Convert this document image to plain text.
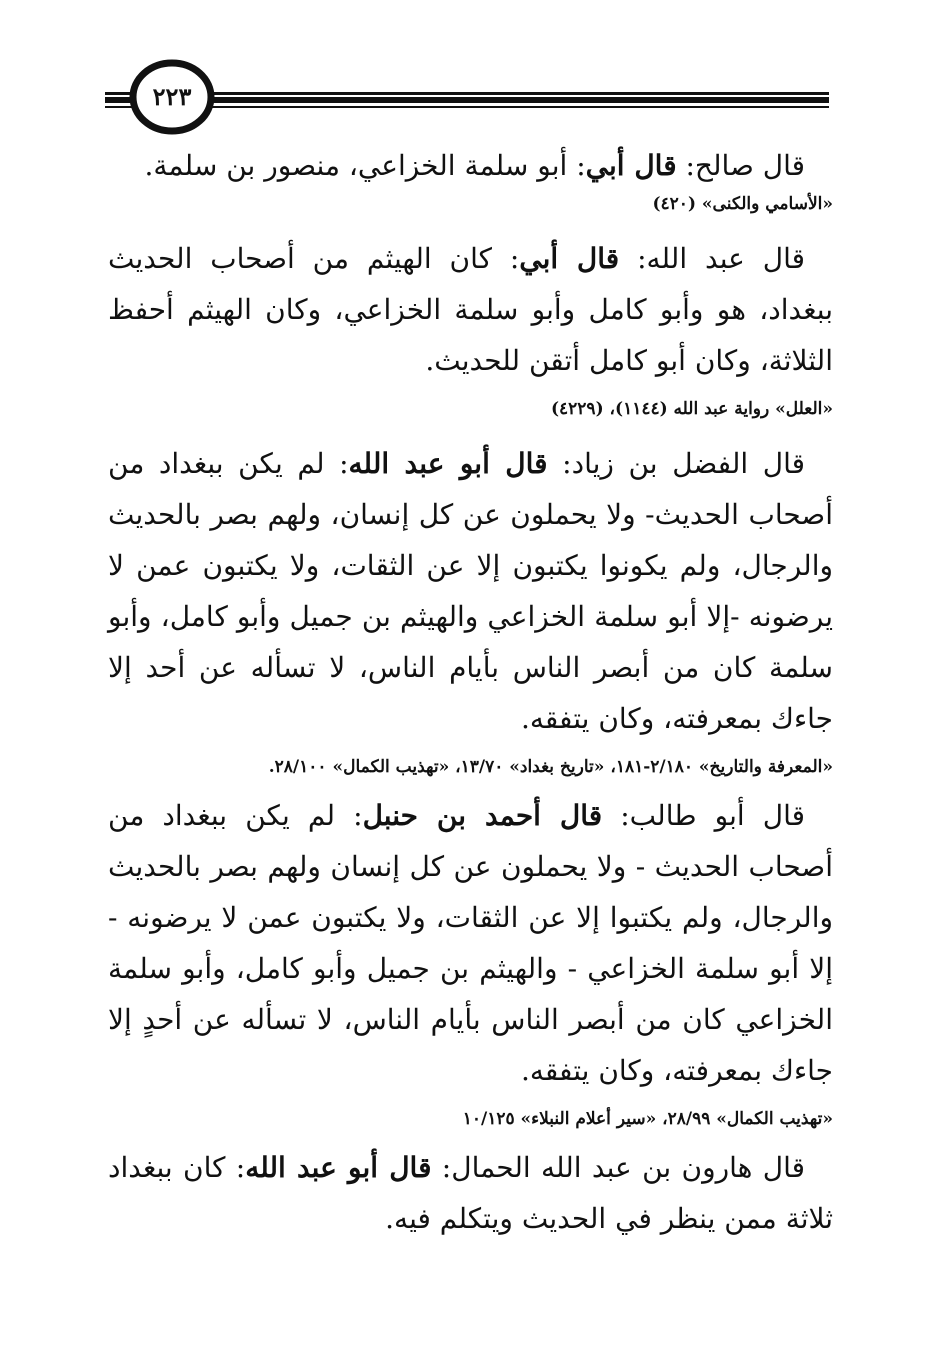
٢٢٣

قال صالح: قال أبي: أبو سلمة الخزاعي، منصور بن سلمة.

«الأسامي والكنى» (٤٢٠)

قال عبد الله: قال أبي: كان الهيثم من أصحاب الحديث ببغداد، هو وأبو كامل وأبو سلمة الخزاعي، وكان الهيثم أحفظ الثلاثة، وكان أبو كامل أتقن للحديث.

«العلل» رواية عبد الله (١١٤٤)، (٤٢٢٩)

قال الفضل بن زياد: قال أبو عبد الله: لم يكن ببغداد من أصحاب الحديث- ولا يحملون عن كل إنسان، ولهم بصر بالحديث والرجال، ولم يكونوا يكتبون إلا عن الثقات، ولا يكتبون عمن لا يرضونه -إلا أبو سلمة الخزاعي والهيثم بن جميل وأبو كامل، وأبو سلمة كان من أبصر الناس بأيام الناس، لا تسأله عن أحد إلا جاءك بمعرفته، وكان يتفقه.

«المعرفة والتاريخ» ٢/١٨٠-١٨١، «تاريخ بغداد» ١٣/٧٠، «تهذيب الكمال» ٢٨/١٠٠.

قال أبو طالب: قال أحمد بن حنبل: لم يكن ببغداد من أصحاب الحديث - ولا يحملون عن كل إنسان ولهم بصر بالحديث والرجال، ولم يكتبوا إلا عن الثقات، ولا يكتبون عمن لا يرضونه - إلا أبو سلمة الخزاعي - والهيثم بن جميل وأبو كامل، وأبو سلمة الخزاعي كان من أبصر الناس بأيام الناس، لا تسأله عن أحدٍ إلا جاءك بمعرفته، وكان يتفقه.

«تهذيب الكمال» ٢٨/٩٩، «سير أعلام النبلاء» ١٠/١٢٥

قال هارون بن عبد الله الحمال: قال أبو عبد الله: كان ببغداد ثلاثة ممن ينظر في الحديث ويتكلم فيه.
